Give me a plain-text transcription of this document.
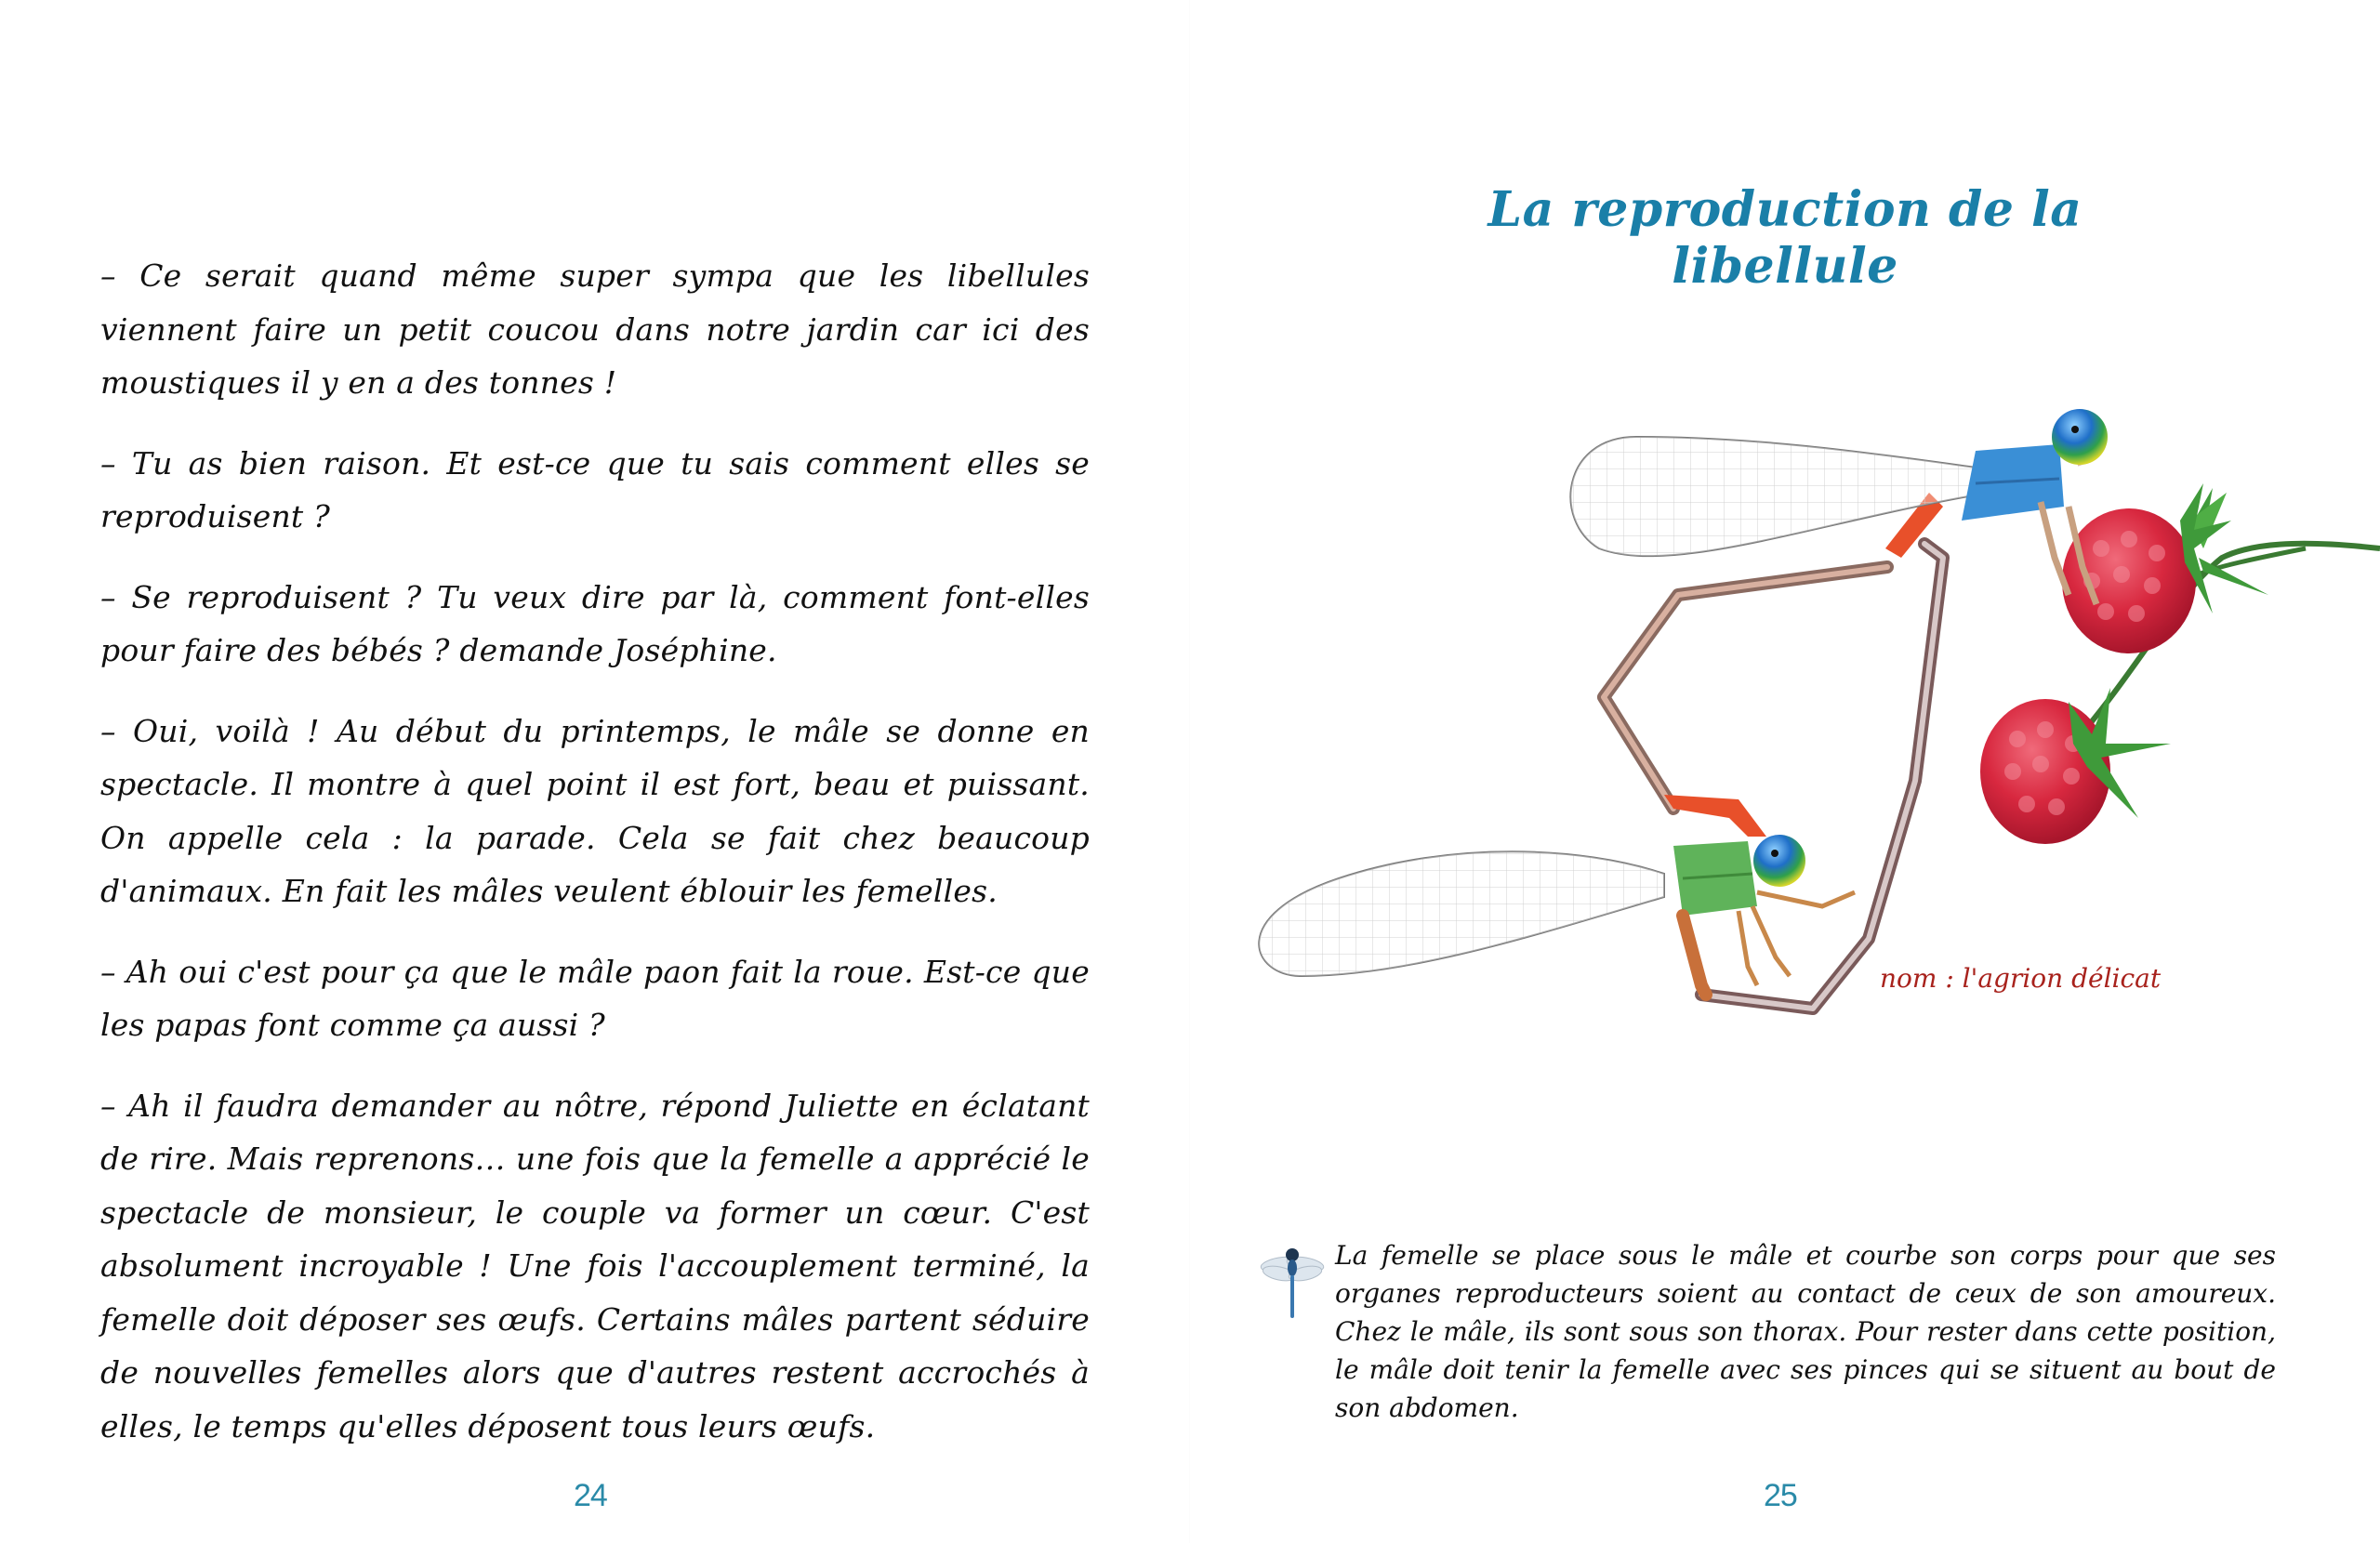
– Ce serait quand même super sympa que les libellules viennent faire un petit coucou dans notre jardin car ici des moustiques il y en a des tonnes !

– Tu as bien raison. Et est-ce que tu sais comment elles se reproduisent ?

– Se reproduisent ? Tu veux dire par là, comment font-elles pour faire des bébés ? demande Joséphine.

– Oui, voilà ! Au début du printemps, le mâle se donne en spectacle. Il montre à quel point il est fort, beau et puissant. On appelle cela : la parade. Cela se fait chez beaucoup d'animaux. En fait les mâles veulent éblouir les femelles.

– Ah oui c'est pour ça que le mâle paon fait la roue. Est-ce que les papas font comme ça aussi ?

– Ah il faudra demander au nôtre, répond Juliette en éclatant de rire. Mais reprenons… une fois que la femelle a apprécié le spectacle de monsieur, le couple va former un cœur. C'est absolument incroyable ! Une fois l'accouplement terminé, la femelle doit déposer ses œufs. Certains mâles partent séduire de nouvelles femelles alors que d'autres restent accrochés à elles, le temps qu'elles déposent tous leurs œufs.

24
La reproduction de la libellule
nom : l'agrion délicat
La femelle se place sous le mâle et courbe son corps pour que ses organes reproducteurs soient au contact de ceux de son amoureux. Chez le mâle, ils sont sous son thorax. Pour rester dans cette position, le mâle doit tenir la femelle avec ses pinces qui se situent au bout de son abdomen.
25
